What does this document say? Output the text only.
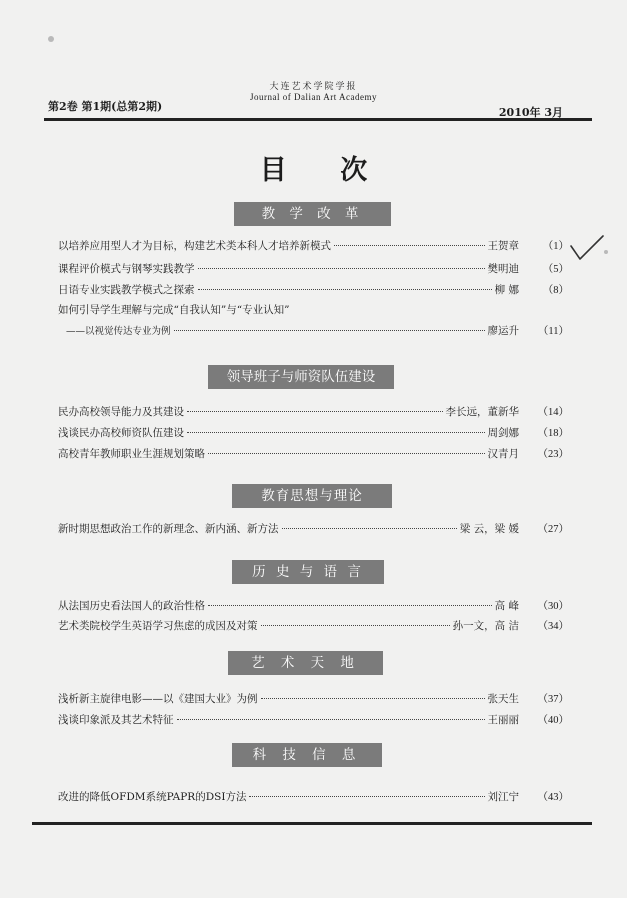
大连艺术学院学报
Journal of Dalian Art Academy
第2卷 第1期(总第2期)	2010年 3月
目 次
教 学 改 革
以培养应用型人才为目标，构建艺术类本科人才培养新模式	王贺章	（1）
课程评价模式与钢琴实践教学	樊明迪	（5）
日语专业实践教学模式之探索	柳 娜	（8）
如何引导学生理解与完成“自我认知”与“专业认知”
——以视觉传达专业为例	廖运升	（11）
领导班子与师资队伍建设
民办高校领导能力及其建设	李长远，董新华	（14）
浅谈民办高校师资队伍建设	周剑娜	（18）
高校青年教师职业生涯规划策略	汉青月	（23）
教育思想与理论
新时期思想政治工作的新理念、新内涵、新方法	梁 云，梁 媛	（27）
历 史 与 语 言
从法国历史看法国人的政治性格	高 峰	（30）
艺术类院校学生英语学习焦虑的成因及对策	孙一文，高 洁	（34）
艺 术 天 地
浅析新主旋律电影——以《建国大业》为例	张天生	（37）
浅谈印象派及其艺术特征	王丽丽	（40）
科 技 信 息
改进的降低OFDM系统PAPR的DSI方法	刘江宁	（43）
